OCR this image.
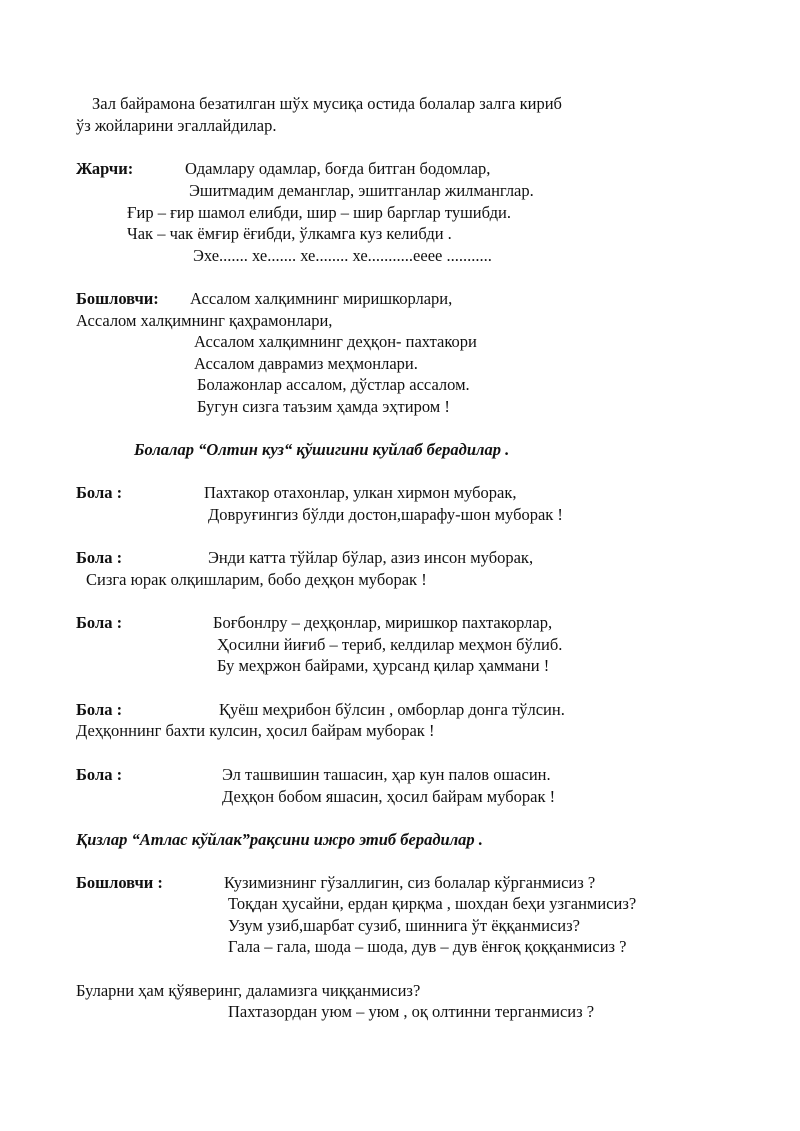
Зал байрамона безатилган шўх мусиқа остида болалар залга кириб
ўз жойларини эгаллайдилар.
Жарчи:	Одамлару одамлар, боғда битган бодомлар,
Эшитмадим деманглар, эшитганлар жилманглар.
Ғир – ғир шамол елибди, шир – шир барглар тушибди.
Чак – чак ёмғир ёғибди, ўлкамга куз келибди .
Эхе....... хе....... хе........ хе...........eeee ...........
Бошловчи: Ассалом халқимнинг миришкорлари,
Ассалом халқимнинг қаҳрамонлари,
Ассалом халқимнинг деҳқон- пахтакори
Ассалом даврамиз меҳмонлари.
Болажонлар ассалом, дўстлар ассалом.
Бугун сизга таъзим ҳамда эҳтиром !
Болалар “Олтин куз“ қўшигини куйлаб берадилар .
Бола :	Пахтакор отахонлар, улкан хирмон муборак,
Довруғингиз бўлди достон,шарафу-шон муборак !
Бола :	Энди катта тўйлар бўлар, азиз инсон муборак,
Сизга юрак олқишларим, бобо деҳқон муборак !
Бола :	Боғбонлру – деҳқонлар, миришкор пахтакорлар,
Ҳосилни йиғиб – териб, келдилар меҳмон бўлиб.
Бу меҳржон байрами, ҳурсанд қилар ҳаммани !
Бола :	Қуёш меҳрибон бўлсин , омборлар донга тўлсин.
Деҳқоннинг бахти кулсин, ҳосил байрам муборак !
Бола :	Эл ташвишин ташасин, ҳар кун палов ошасин.
Деҳқон бобом яшасин, ҳосил байрам муборак !
Қизлар “Атлас кўйлак”рақсини ижро этиб берадилар .
Бошловчи :	Кузимизнинг гўзаллигин, сиз болалар кўрганмисиз ?
Тоқдан ҳусайни, ердан қирқма , шохдан беҳи узганмисиз?
Узум узиб,шарбат сузиб, шиннига ўт ёққанмисиз?
Гала – гала, шода – шода, дув – дув ёнғоқ қоққанмисиз ?
Буларни ҳам қўяверинг, даламизга чиққанмисиз?
Пахтазордан уюм – уюм , оқ олтинни терганмисиз ?
